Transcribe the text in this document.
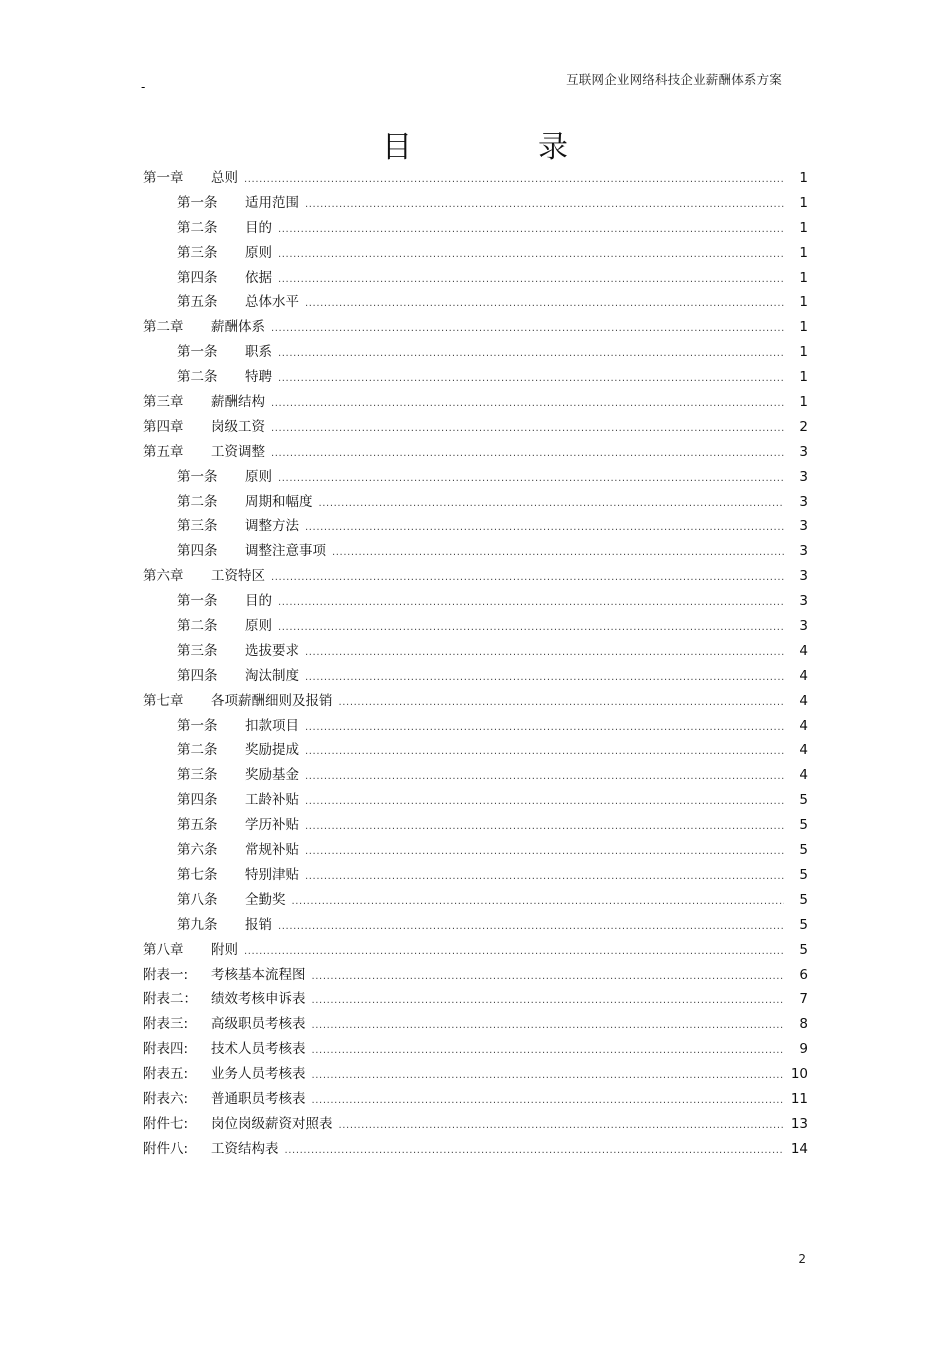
-	互联网企业网络科技企业薪酬体系方案
目　录
第一章	总则 .....	1
第一条	适用范围 .....	1
第二条	目的 .....	1
第三条	原则 .....	1
第四条	依据 .....	1
第五条	总体水平 .....	1
第二章	薪酬体系 .....	1
第一条	职系 .....	1
第二条	特聘 .....	1
第三章	薪酬结构 .....	1
第四章	岗级工资 .....	2
第五章	工资调整 .....	3
第一条	原则 .....	3
第二条	周期和幅度 .....	3
第三条	调整方法 .....	3
第四条	调整注意事项 .....	3
第六章	工资特区 .....	3
第一条	目的 .....	3
第二条	原则 .....	3
第三条	选拔要求 .....	4
第四条	淘汰制度 .....	4
第七章	各项薪酬细则及报销 .....	4
第一条	扣款项目 .....	4
第二条	奖励提成 .....	4
第三条	奖励基金 .....	4
第四条	工龄补贴 .....	5
第五条	学历补贴 .....	5
第六条	常规补贴 .....	5
第七条	特别津贴 .....	5
第八条	全勤奖 .....	5
第九条	报销 .....	5
第八章	附则 .....	5
附表一:	考核基本流程图 .....	6
附表二：	绩效考核申诉表 .....	7
附表三:	高级职员考核表 .....	8
附表四:	技术人员考核表 .....	9
附表五:	业务人员考核表 .....	10
附表六:	普通职员考核表 .....	11
附件七:	岗位岗级薪资对照表 .....	13
附件八:	工资结构表 .....	14
2
